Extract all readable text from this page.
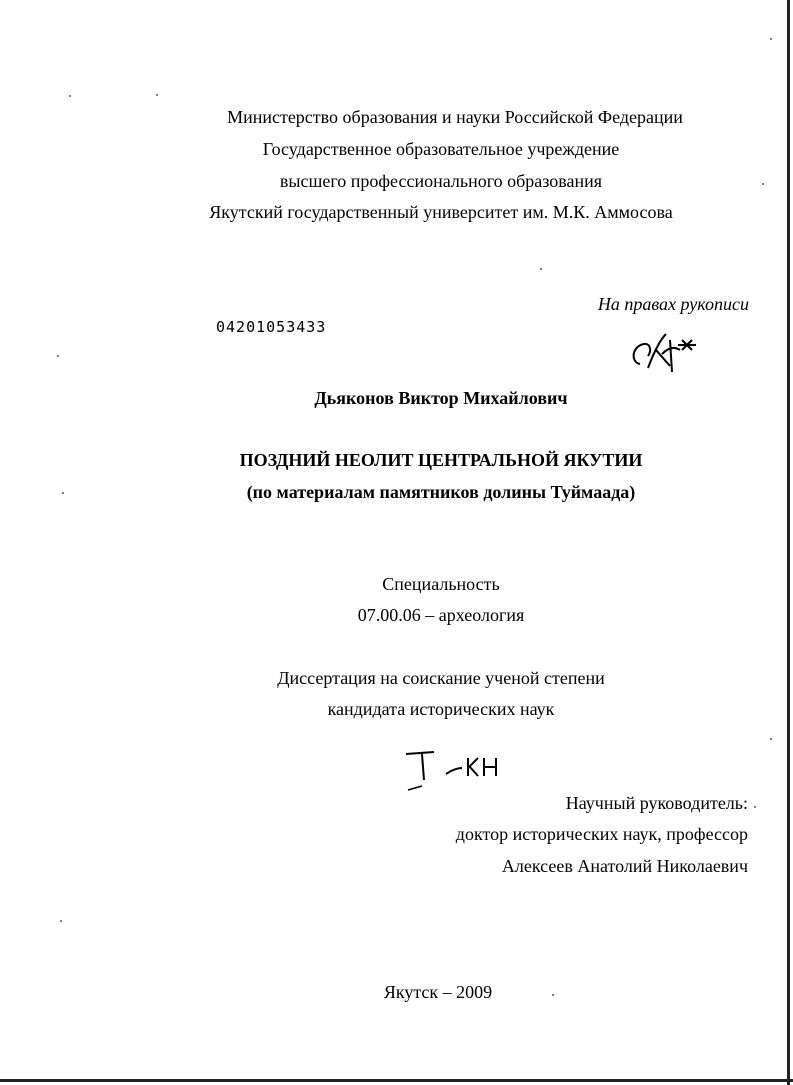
Министерство образования и науки Российской Федерации
Государственное образовательное учреждение
высшего профессионального образования
Якутский государственный университет им. М.К. Аммосова
На правах рукописи
04201053433
Дьяконов Виктор Михайлович
ПОЗДНИЙ НЕОЛИТ ЦЕНТРАЛЬНОЙ ЯКУТИИ
(по материалам памятников долины Туймаада)
Специальность
07.00.06 – археология
Диссертация на соискание ученой степени
кандидата исторических наук
Научный руководитель:
доктор исторических наук, профессор
Алексеев Анатолий Николаевич
Якутск – 2009
